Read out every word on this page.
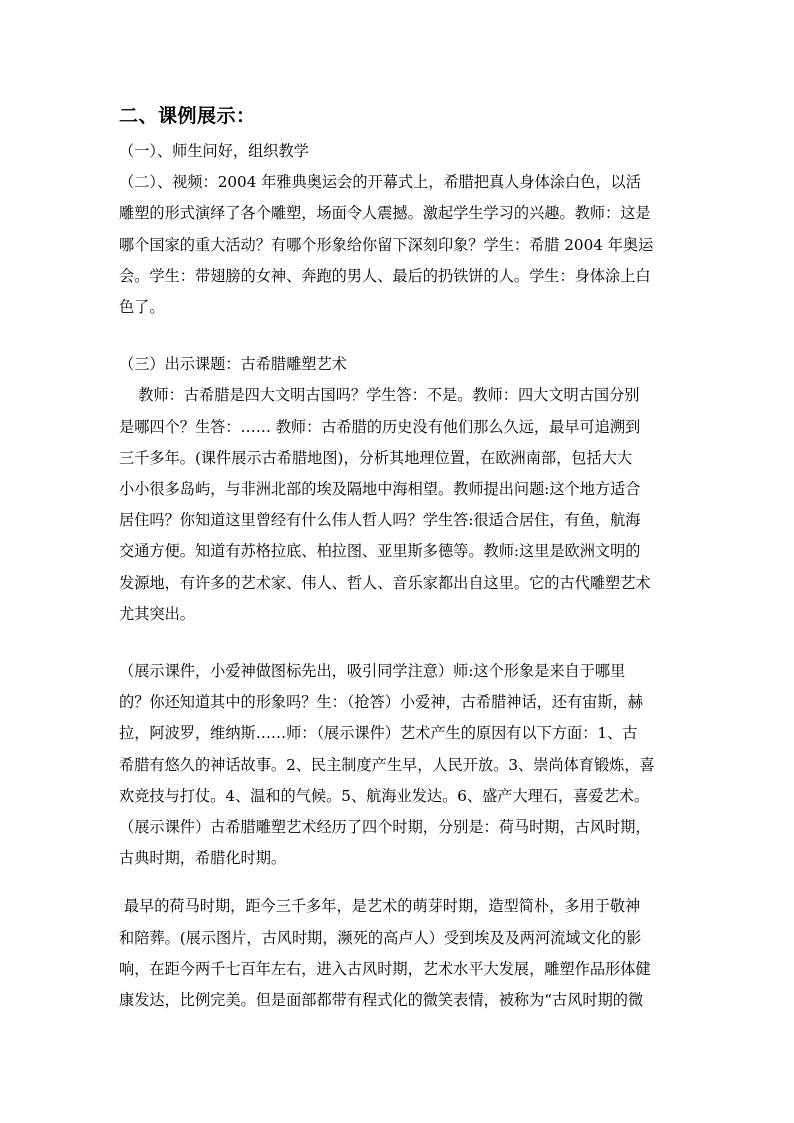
二、课例展示：
（一）、师生问好，组织教学
（二）、视频：2004 年雅典奥运会的开幕式上，希腊把真人身体涂白色，以活
雕塑的形式演绎了各个雕塑，场面令人震撼。激起学生学习的兴趣。教师：这是
哪个国家的重大活动？有哪个形象给你留下深刻印象？学生：希腊 2004 年奥运
会。学生：带翅膀的女神、奔跑的男人、最后的扔铁饼的人。学生：身体涂上白
色了。
（三）出示课题：古希腊雕塑艺术
教师：古希腊是四大文明古国吗？学生答：不是。教师：四大文明古国分别
是哪四个？生答：…… 教师：古希腊的历史没有他们那么久远，最早可追溯到
三千多年。(课件展示古希腊地图)，分析其地理位置，在欧洲南部，包括大大
小小很多岛屿，与非洲北部的埃及隔地中海相望。教师提出问题:这个地方适合
居住吗？你知道这里曾经有什么伟人哲人吗？学生答:很适合居住，有鱼，航海
交通方便。知道有苏格拉底、柏拉图、亚里斯多德等。教师:这里是欧洲文明的
发源地，有许多的艺术家、伟人、哲人、音乐家都出自这里。它的古代雕塑艺术
尤其突出。
（展示课件，小爱神做图标先出，吸引同学注意）师:这个形象是来自于哪里
的？你还知道其中的形象吗？生：（抢答）小爱神，古希腊神话，还有宙斯，赫
拉，阿波罗，维纳斯……师：（展示课件）艺术产生的原因有以下方面：1、古
希腊有悠久的神话故事。2、民主制度产生早，人民开放。3、崇尚体育锻炼，喜
欢竞技与打仗。4、温和的气候。5、航海业发达。6、盛产大理石，喜爱艺术。
（展示课件）古希腊雕塑艺术经历了四个时期，分别是：荷马时期，古风时期，
古典时期，希腊化时期。
最早的荷马时期，距今三千多年，是艺术的萌芽时期，造型简朴，多用于敬神
和陪葬。(展示图片，古风时期，濒死的高卢人）受到埃及及两河流域文化的影
响，在距今两千七百年左右，进入古风时期，艺术水平大发展，雕塑作品形体健
康发达，比例完美。但是面部都带有程式化的微笑表情，被称为“古风时期的微
